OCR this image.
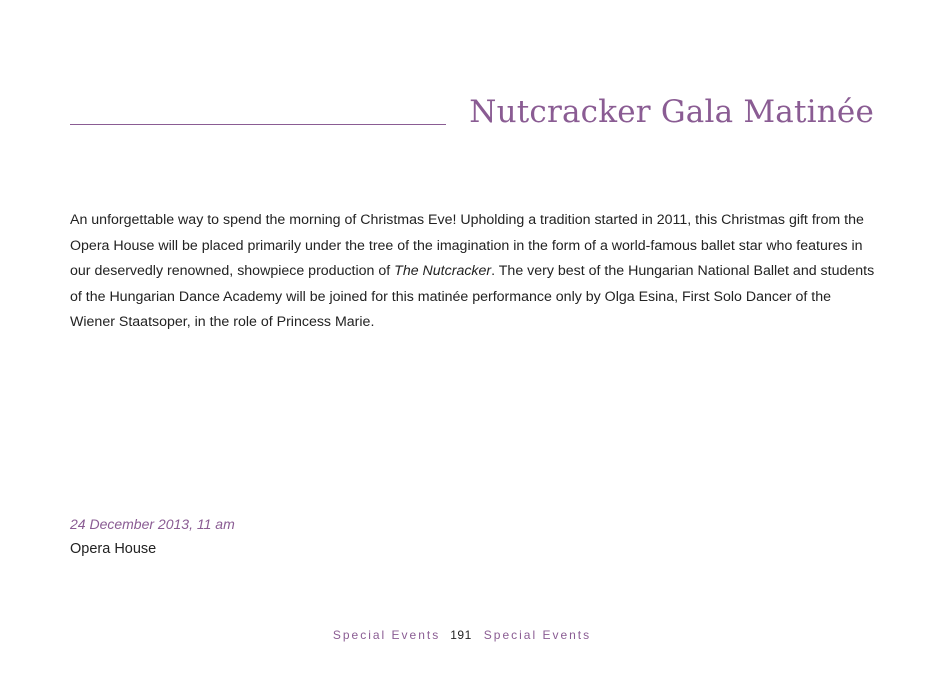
Nutcracker Gala Matinée

An unforgettable way to spend the morning of Christmas Eve! Upholding a tradition started in 2011, this Christmas gift from the Opera House will be placed primarily under the tree of the imagination in the form of a world-famous ballet star who features in our deservedly renowned, showpiece production of The Nutcracker. The very best of the Hungarian National Ballet and students of the Hungarian Dance Academy will be joined for this matinée performance only by Olga Esina, First Solo Dancer of the Wiener Staatsoper, in the role of Princess Marie.

24 December 2013, 11 am

Opera House

Special Events 191 Special Events
